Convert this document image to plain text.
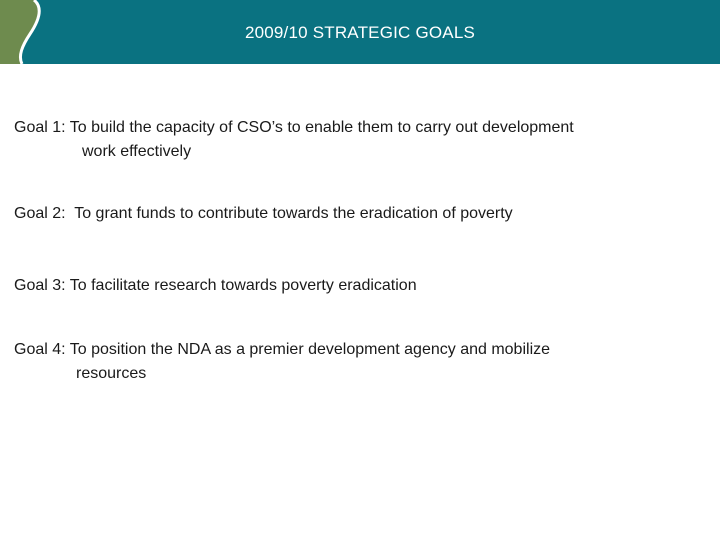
2009/10 STRATEGIC GOALS
Goal 1: To build the capacity of CSO’s to enable them to carry out development
work effectively
Goal 2:  To grant funds to contribute towards the eradication of poverty
Goal 3: To facilitate research towards poverty eradication
Goal 4: To position the NDA as a premier development agency and mobilize
resources
